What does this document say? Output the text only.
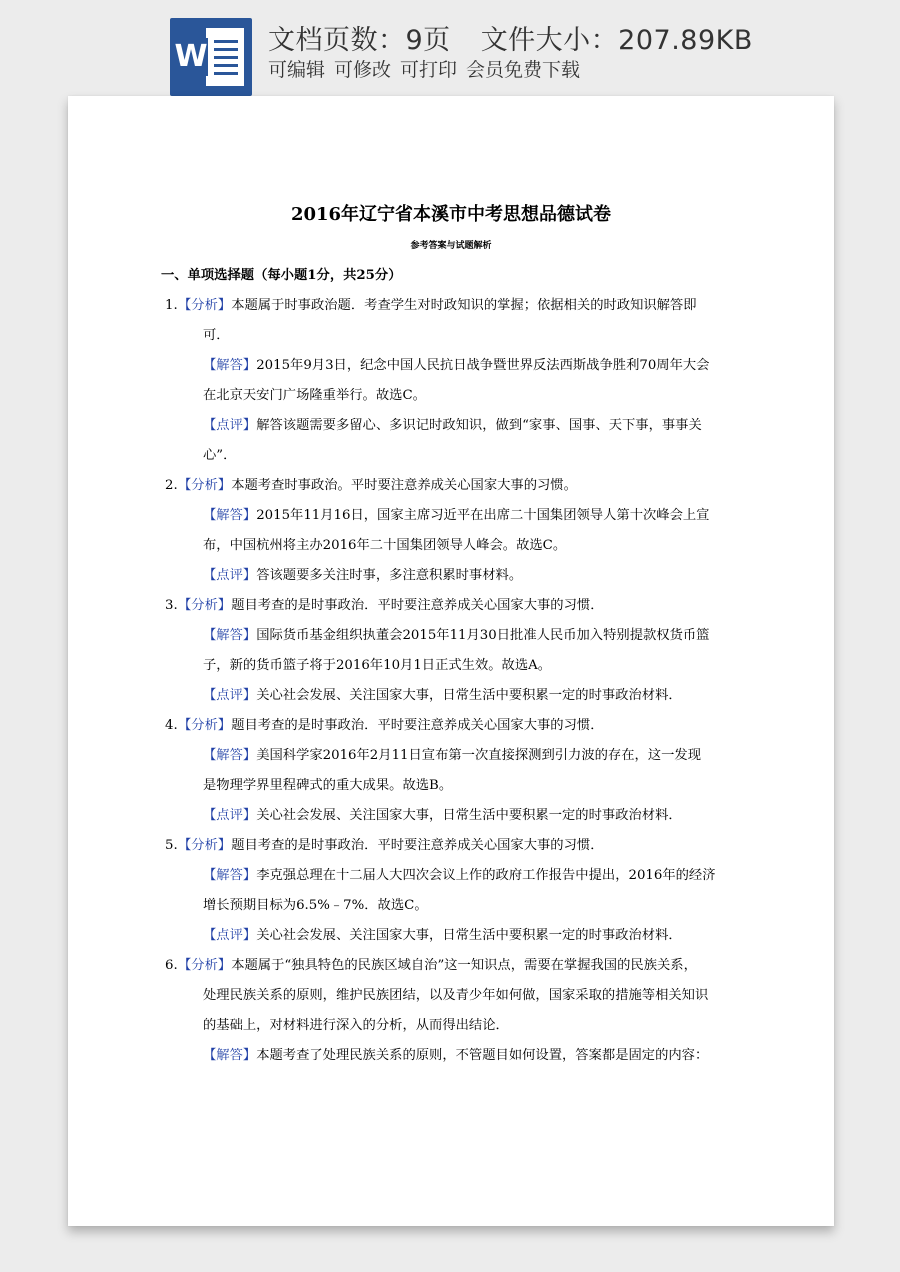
W 文档页数：9页 文件大小：207.89KB
可编辑 可修改 可打印 会员免费下载
2016年辽宁省本溪市中考思想品德试卷
参考答案与试题解析
一、单项选择题（每小题1分，共25分）
1.【分析】本题属于时事政治题．考查学生对时政知识的掌握；依据相关的时政知识解答即
可．
【解答】2015年9月3日，纪念中国人民抗日战争暨世界反法西斯战争胜利70周年大会
在北京天安门广场隆重举行。故选C。
【点评】解答该题需要多留心、多识记时政知识，做到“家事、国事、天下事，事事关
心”．
2.【分析】本题考查时事政治。平时要注意养成关心国家大事的习惯。
【解答】2015年11月16日，国家主席习近平在出席二十国集团领导人第十次峰会上宣
布，中国杭州将主办2016年二十国集团领导人峰会。故选C。
【点评】答该题要多关注时事，多注意积累时事材料。
3.【分析】题目考查的是时事政治．平时要注意养成关心国家大事的习惯．
【解答】国际货币基金组织执董会2015年11月30日批准人民币加入特别提款权货币篮
子，新的货币篮子将于2016年10月1日正式生效。故选A。
【点评】关心社会发展、关注国家大事，日常生活中要积累一定的时事政治材料．
4.【分析】题目考查的是时事政治．平时要注意养成关心国家大事的习惯．
【解答】美国科学家2016年2月11日宣布第一次直接探测到引力波的存在，这一发现
是物理学界里程碑式的重大成果。故选B。
【点评】关心社会发展、关注国家大事，日常生活中要积累一定的时事政治材料．
5.【分析】题目考查的是时事政治．平时要注意养成关心国家大事的习惯．
【解答】李克强总理在十二届人大四次会议上作的政府工作报告中提出，2016年的经济
增长预期目标为6.5%﹣7%．故选C。
【点评】关心社会发展、关注国家大事，日常生活中要积累一定的时事政治材料．
6.【分析】本题属于“独具特色的民族区域自治”这一知识点，需要在掌握我国的民族关系，
处理民族关系的原则，维护民族团结，以及青少年如何做，国家采取的措施等相关知识
的基础上，对材料进行深入的分析，从而得出结论．
【解答】本题考查了处理民族关系的原则，不管题目如何设置，答案都是固定的内容：
